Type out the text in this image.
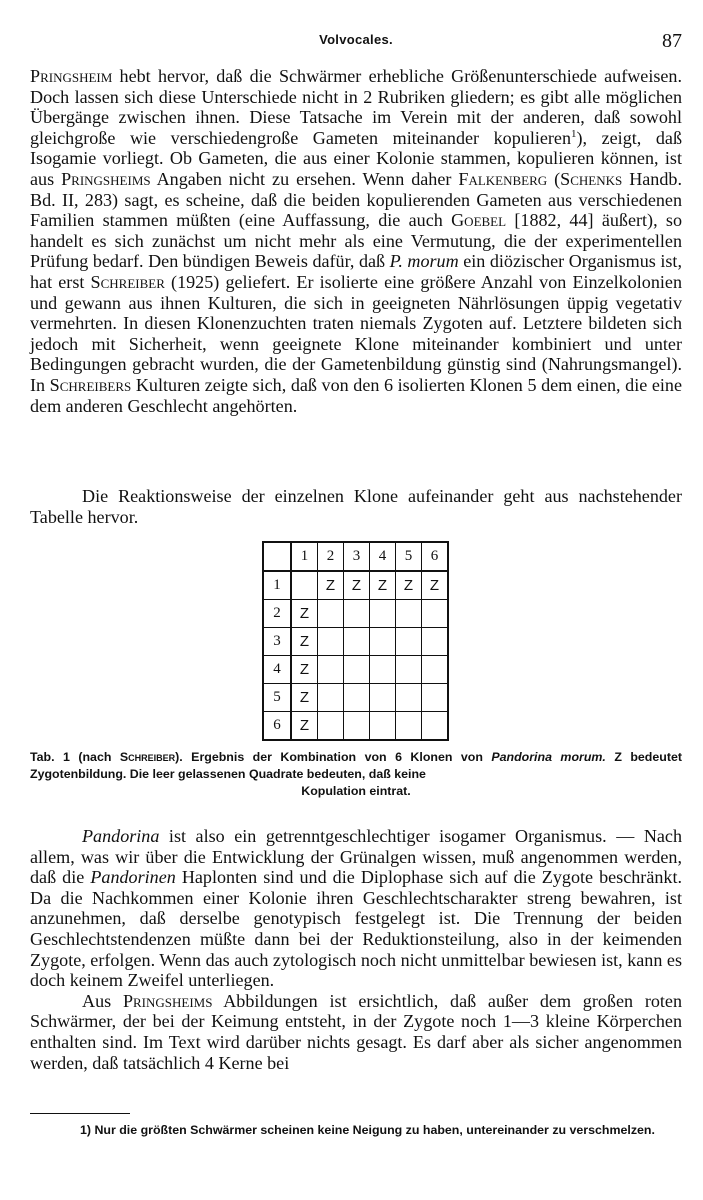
Volvocales.	87

Pringsheim hebt hervor, daß die Schwärmer erhebliche Größenunterschiede aufweisen. Doch lassen sich diese Unterschiede nicht in 2 Rubriken gliedern; es gibt alle möglichen Übergänge zwischen ihnen. Diese Tatsache im Verein mit der anderen, daß sowohl gleichgroße wie verschiedengroße Gameten miteinander kopulieren$^1$), zeigt, daß Isogamie vorliegt. Ob Gameten, die aus einer Kolonie stammen, kopulieren können, ist aus Pringsheims Angaben nicht zu ersehen. Wenn daher Falkenberg (Schenks Handb. Bd. II, 283) sagt, es scheine, daß die beiden kopulierenden Gameten aus verschiedenen Familien stammen müßten (eine Auffassung, die auch Goebel [1882, 44] äußert), so handelt es sich zunächst um nicht mehr als eine Vermutung, die der experimentellen Prüfung bedarf. Den bündigen Beweis dafür, daß P. morum ein diözischer Organismus ist, hat erst Schreiber (1925) geliefert. Er isolierte eine größere Anzahl von Einzelkolonien und gewann aus ihnen Kulturen, die sich in geeigneten Nährlösungen üppig vegetativ vermehrten. In diesen Klonenzuchten traten niemals Zygoten auf. Letztere bildeten sich jedoch mit Sicherheit, wenn geeignete Klone miteinander kombiniert und unter Bedingungen gebracht wurden, die der Gametenbildung günstig sind (Nahrungsmangel). In Schreibers Kulturen zeigte sich, daß von den 6 isolierten Klonen 5 dem einen, die eine dem anderen Geschlecht angehörten.

Die Reaktionsweise der einzelnen Klone aufeinander geht aus nachstehender Tabelle hervor.

	1	2	3	4	5	6
1		Z	Z	Z	Z	Z
2	Z					
3	Z					
4	Z					
5	Z					
6	Z					
Tab. 1 (nach Schreiber). Ergebnis der Kombination von 6 Klonen von Pandorina morum. Z bedeutet Zygotenbildung. Die leer gelassenen Quadrate bedeuten, daß keine
Kopulation eintrat.

Pandorina ist also ein getrenntgeschlechtiger isogamer Organismus. — Nach allem, was wir über die Entwicklung der Grünalgen wissen, muß angenommen werden, daß die Pandorinen Haplonten sind und die Diplophase sich auf die Zygote beschränkt. Da die Nachkommen einer Kolonie ihren Geschlechtscharakter streng bewahren, ist anzunehmen, daß derselbe genotypisch festgelegt ist. Die Trennung der beiden Geschlechtstendenzen müßte dann bei der Reduktionsteilung, also in der keimenden Zygote, erfolgen. Wenn das auch zytologisch noch nicht unmittelbar bewiesen ist, kann es doch keinem Zweifel unterliegen.

Aus Pringsheims Abbildungen ist ersichtlich, daß außer dem großen roten Schwärmer, der bei der Keimung entsteht, in der Zygote noch 1—3 kleine Körperchen enthalten sind. Im Text wird darüber nichts gesagt. Es darf aber als sicher angenommen werden, daß tatsächlich 4 Kerne bei

1) Nur die größten Schwärmer scheinen keine Neigung zu haben, untereinander zu verschmelzen.
